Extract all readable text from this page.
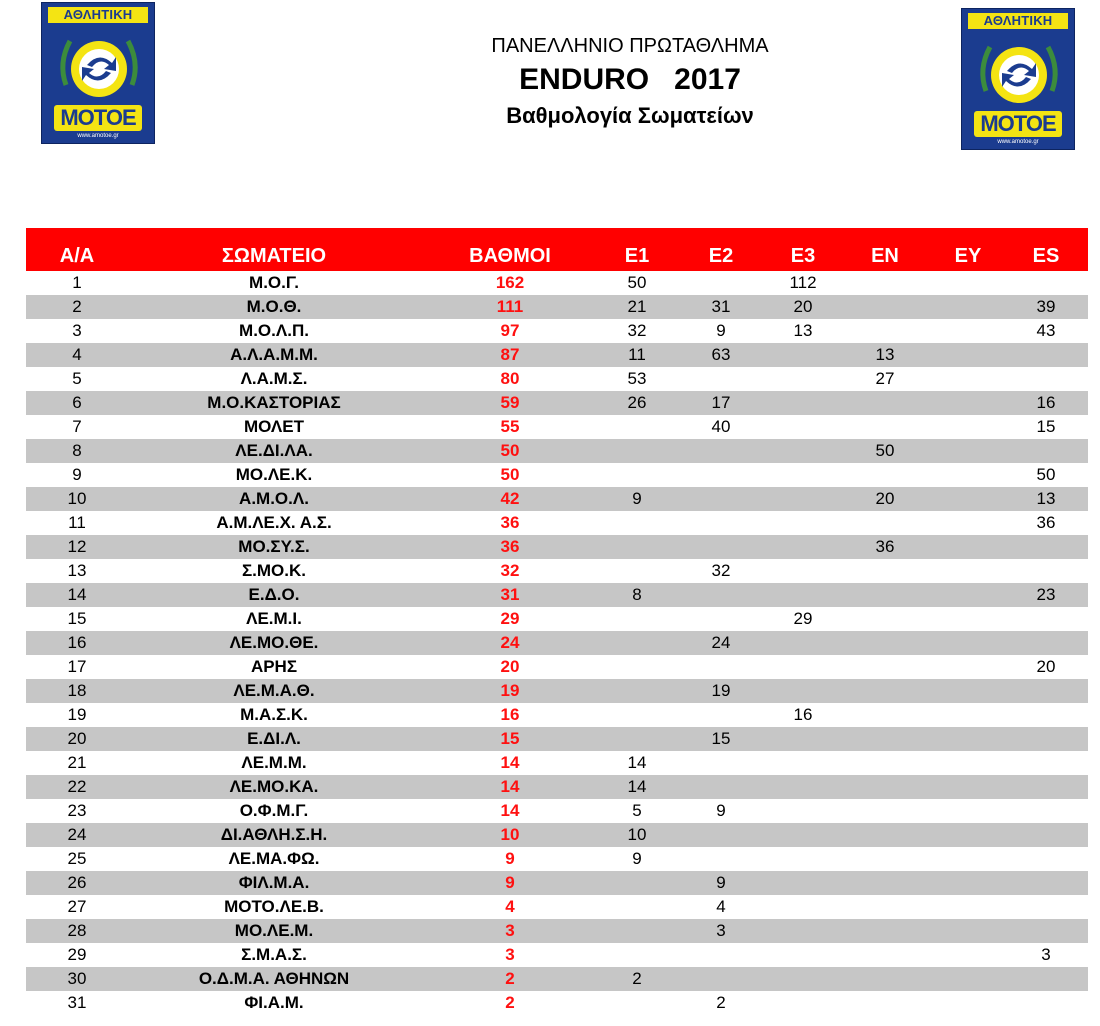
ΑΘΛΗΤΙΚΗ
ΜΟΤΟΕ
www.amotoe.gr
ΑΘΛΗΤΙΚΗ
ΜΟΤΟΕ
www.amotoe.gr
ΠΑΝΕΛΛΗΝΙΟ ΠΡΩΤΑΘΛΗΜΑ
ENDURO   2017
Βαθμολογία Σωματείων
Α/Α	ΣΩΜΑΤΕΙΟ	ΒΑΘΜΟΙ	Ε1	Ε2	Ε3	ΕΝ	ΕΥ	ES
1	Μ.Ο.Γ.	162	50		112			
2	Μ.Ο.Θ.	111	21	31	20			39
3	Μ.Ο.Λ.Π.	97	32	9	13			43
4	Α.Λ.Α.Μ.Μ.	87	11	63		13		
5	Λ.Α.Μ.Σ.	80	53			27		
6	Μ.Ο.ΚΑΣΤΟΡΙΑΣ	59	26	17				16
7	ΜΟΛΕΤ	55		40				15
8	ΛΕ.ΔΙ.ΛΑ.	50				50		
9	ΜΟ.ΛΕ.Κ.	50						50
10	Α.Μ.Ο.Λ.	42	9			20		13
11	Α.Μ.ΛΕ.Χ. Α.Σ.	36						36
12	ΜΟ.ΣΥ.Σ.	36				36		
13	Σ.ΜΟ.Κ.	32		32				
14	Ε.Δ.Ο.	31	8					23
15	ΛΕ.Μ.Ι.	29			29			
16	ΛΕ.ΜΟ.ΘΕ.	24		24				
17	ΑΡΗΣ	20						20
18	ΛΕ.Μ.Α.Θ.	19		19				
19	Μ.Α.Σ.Κ.	16			16			
20	Ε.ΔΙ.Λ.	15		15				
21	ΛΕ.Μ.Μ.	14	14					
22	ΛΕ.ΜΟ.ΚΑ.	14	14					
23	Ο.Φ.Μ.Γ.	14	5	9				
24	ΔΙ.ΑΘΛΗ.Σ.Η.	10	10					
25	ΛΕ.ΜΑ.ΦΩ.	9	9					
26	ΦΙΛ.Μ.Α.	9		9				
27	ΜΟΤΟ.ΛΕ.Β.	4		4				
28	ΜΟ.ΛΕ.Μ.	3		3				
29	Σ.Μ.Α.Σ.	3						3
30	Ο.Δ.Μ.Α. ΑΘΗΝΩΝ	2	2					
31	ΦΙ.Α.Μ.	2		2				
